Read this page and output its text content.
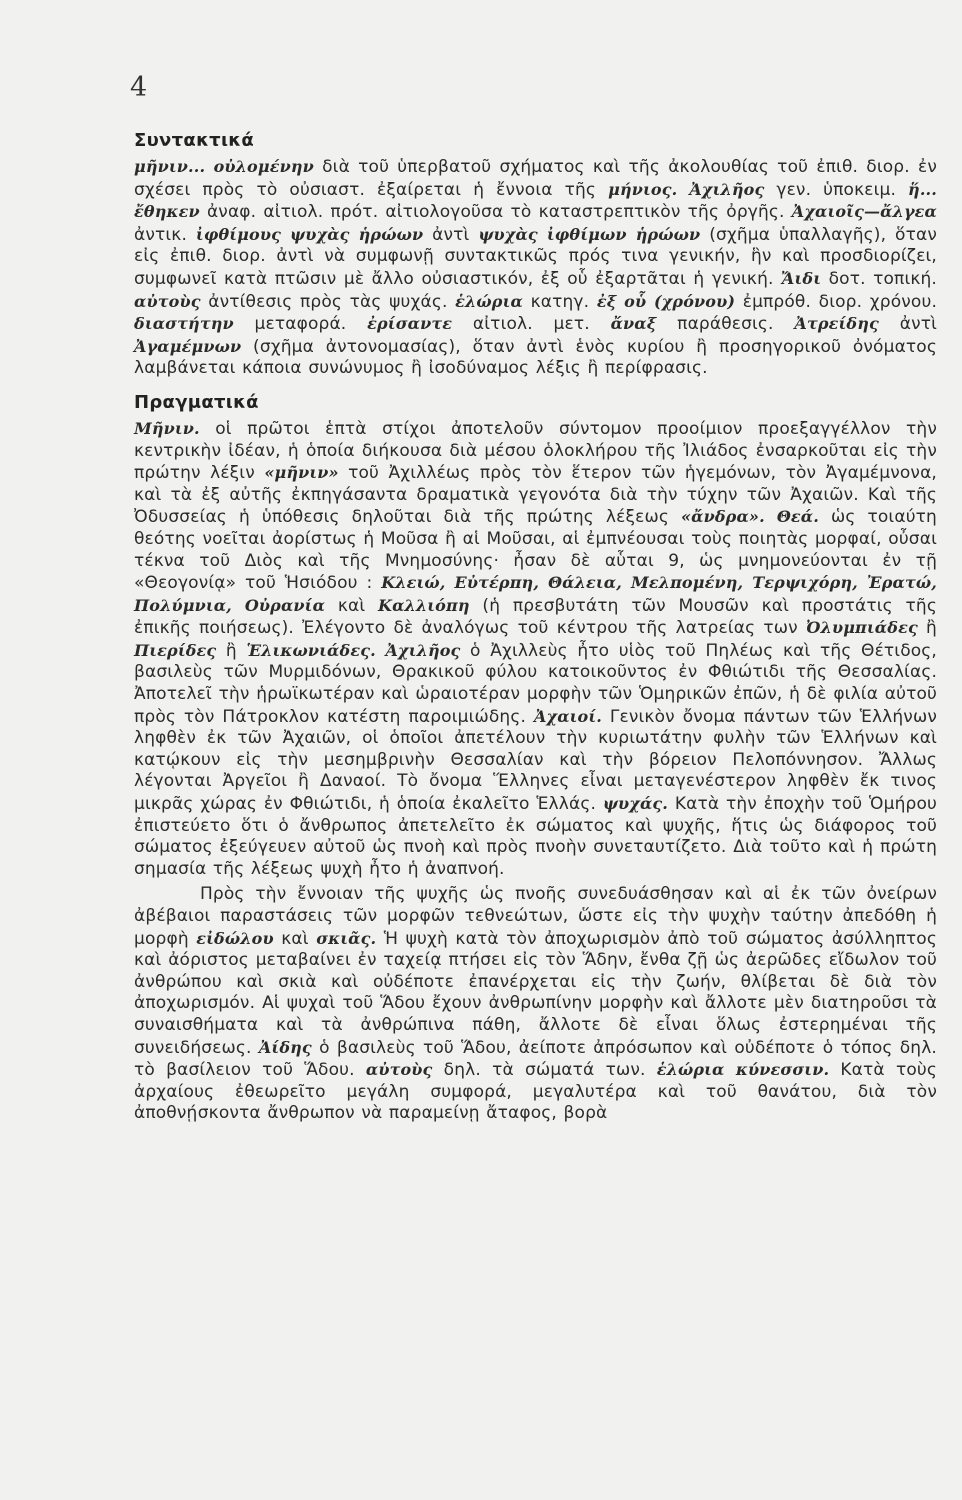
4
Συντακτικά

μῆνιν... οὐλομένην διὰ τοῦ ὑπερβατοῦ σχήματος καὶ τῆς ἀκολουθίας τοῦ ἐπιθ. διορ. ἐν σχέσει πρὸς τὸ οὐσιαστ. ἐξαίρεται ἡ ἔννοια τῆς μήνιος. Ἀχιλῆος γεν. ὑποκειμ. ἥ... ἔθηκεν ἀναφ. αἰτιολ. πρότ. αἰτιολογοῦσα τὸ καταστρεπτικὸν τῆς ὀργῆς. Ἀχαιοῖς—ἄλγεα ἀντικ. ἰφθίμους ψυχὰς ἡρώων ἀντὶ ψυχὰς ἰφθίμων ἡρώων (σχῆμα ὑπαλλαγῆς), ὅταν εἰς ἐπιθ. διορ. ἀντὶ νὰ συμφωνῇ συντακτικῶς πρός τινα γενικήν, ἣν καὶ προσδιορίζει, συμφωνεῖ κατὰ πτῶσιν μὲ ἄλλο οὐσιαστικόν, ἐξ οὗ ἐξαρτᾶται ἡ γενική. Ἄιδι δοτ. τοπική. αὐτοὺς ἀντίθεσις πρὸς τὰς ψυχάς. ἑλώρια κατηγ. ἐξ οὗ (χρόνου) ἐμπρόθ. διορ. χρόνου. διαστήτην μεταφορά. ἐρίσαντε αἰτιολ. μετ. ἄναξ παράθεσις. Ἀτρείδης ἀντὶ Ἀγαμέμνων (σχῆμα ἀντονομασίας), ὅταν ἀντὶ ἑνὸς κυρίου ἢ προσηγορικοῦ ὀνόματος λαμβάνεται κάποια συνώνυμος ἢ ἰσοδύναμος λέξις ἢ περίφρασις.

Πραγματικά

Μῆνιν. οἱ πρῶτοι ἑπτὰ στίχοι ἀποτελοῦν σύντομον προοίμιον προεξαγγέλλον τὴν κεντρικὴν ἰδέαν, ἡ ὁποία διήκουσα διὰ μέσου ὁλοκλήρου τῆς Ἰλιάδος ἐνσαρκοῦται εἰς τὴν πρώτην λέξιν «μῆνιν» τοῦ Ἀχιλλέως πρὸς τὸν ἕτερον τῶν ἡγεμόνων, τὸν Ἀγαμέμνονα, καὶ τὰ ἐξ αὐτῆς ἐκπηγάσαντα δραματικὰ γεγονότα διὰ τὴν τύχην τῶν Ἀχαιῶν. Καὶ τῆς Ὀδυσσείας ἡ ὑπόθεσις δηλοῦται διὰ τῆς πρώτης λέξεως «ἄνδρα». Θεά. ὡς τοιαύτη θεότης νοεῖται ἀορίστως ἡ Μοῦσα ἢ αἱ Μοῦσαι, αἱ ἐμπνέουσαι τοὺς ποιητὰς μορφαί, οὖσαι τέκνα τοῦ Διὸς καὶ τῆς Μνημοσύνης· ἦσαν δὲ αὗται 9, ὡς μνημονεύονται ἐν τῇ «Θεογονίᾳ» τοῦ Ἡσιόδου : Κλειώ, Εὐτέρπη, Θάλεια, Μελπομένη, Τερψιχόρη, Ἐρατώ, Πολύμνια, Οὐρανία καὶ Καλλιόπη (ἡ πρεσβυτάτη τῶν Μουσῶν καὶ προστάτις τῆς ἐπικῆς ποιήσεως). Ἐλέγοντο δὲ ἀναλόγως τοῦ κέντρου τῆς λατρείας των Ὀλυμπιάδες ἢ Πιερίδες ἢ Ἑλικωνιάδες. Ἀχιλῆος ὁ Ἀχιλλεὺς ἦτο υἱὸς τοῦ Πηλέως καὶ τῆς Θέτιδος, βασιλεὺς τῶν Μυρμιδόνων, Θρακικοῦ φύλου κατοικοῦντος ἐν Φθιώτιδι τῆς Θεσσαλίας. Ἀποτελεῖ τὴν ἡρωϊκωτέραν καὶ ὡραιοτέραν μορφὴν τῶν Ὁμηρικῶν ἐπῶν, ἡ δὲ φιλία αὐτοῦ πρὸς τὸν Πάτροκλον κατέστη παροιμιώδης. Ἀχαιοί. Γενικὸν ὄνομα πάντων τῶν Ἑλλήνων ληφθὲν ἐκ τῶν Ἀχαιῶν, οἱ ὁποῖοι ἀπετέλουν τὴν κυριωτάτην φυλὴν τῶν Ἑλλήνων καὶ κατῴκουν εἰς τὴν μεσημβρινὴν Θεσσαλίαν καὶ τὴν βόρειον Πελοπόννησον. Ἄλλως λέγονται Ἀργεῖοι ἢ Δαναοί. Τὸ ὄνομα Ἕλληνες εἶναι μεταγενέστερον ληφθὲν ἔκ τινος μικρᾶς χώρας ἐν Φθιώτιδι, ἡ ὁποία ἐκαλεῖτο Ἑλλάς. ψυχάς. Κατὰ τὴν ἐποχὴν τοῦ Ὁμήρου ἐπιστεύετο ὅτι ὁ ἄνθρωπος ἀπετελεῖτο ἐκ σώματος καὶ ψυχῆς, ἥτις ὡς διάφορος τοῦ σώματος ἐξεύγευεν αὐτοῦ ὡς πνοὴ καὶ πρὸς πνοὴν συνεταυτίζετο. Διὰ τοῦτο καὶ ἡ πρώτη σημασία τῆς λέξεως ψυχὴ ἦτο ἡ ἀναπνοή.

Πρὸς τὴν ἔννοιαν τῆς ψυχῆς ὡς πνοῆς συνεδυάσθησαν καὶ αἱ ἐκ τῶν ὀνείρων ἀβέβαιοι παραστάσεις τῶν μορφῶν τεθνεώτων, ὥστε εἰς τὴν ψυχὴν ταύτην ἀπεδόθη ἡ μορφὴ εἰδώλου καὶ σκιᾶς. Ἡ ψυχὴ κατὰ τὸν ἀποχωρισμὸν ἀπὸ τοῦ σώματος ἀσύλληπτος καὶ ἀόριστος μεταβαίνει ἐν ταχείᾳ πτήσει εἰς τὸν Ἅδην, ἔνθα ζῇ ὡς ἀερῶδες εἴδωλον τοῦ ἀνθρώπου καὶ σκιὰ καὶ οὐδέποτε ἐπανέρχεται εἰς τὴν ζωήν, θλίβεται δὲ διὰ τὸν ἀποχωρισμόν. Αἱ ψυχαὶ τοῦ Ἅδου ἔχουν ἀνθρωπίνην μορφὴν καὶ ἄλλοτε μὲν διατηροῦσι τὰ συναισθήματα καὶ τὰ ἀνθρώπινα πάθη, ἄλλοτε δὲ εἶναι ὅλως ἐστερημέναι τῆς συνειδήσεως. Ἀίδης ὁ βασιλεὺς τοῦ Ἅδου, ἀείποτε ἀπρόσωπον καὶ οὐδέποτε ὁ τόπος δηλ. τὸ βασίλειον τοῦ Ἅδου. αὐτοὺς δηλ. τὰ σώματά των. ἑλώρια κύνεσσιν. Κατὰ τοὺς ἀρχαίους ἐθεωρεῖτο μεγάλη συμφορά, μεγαλυτέρα καὶ τοῦ θανάτου, διὰ τὸν ἀποθνῄσκοντα ἄνθρωπον νὰ παραμείνῃ ἄταφος, βορὰ
